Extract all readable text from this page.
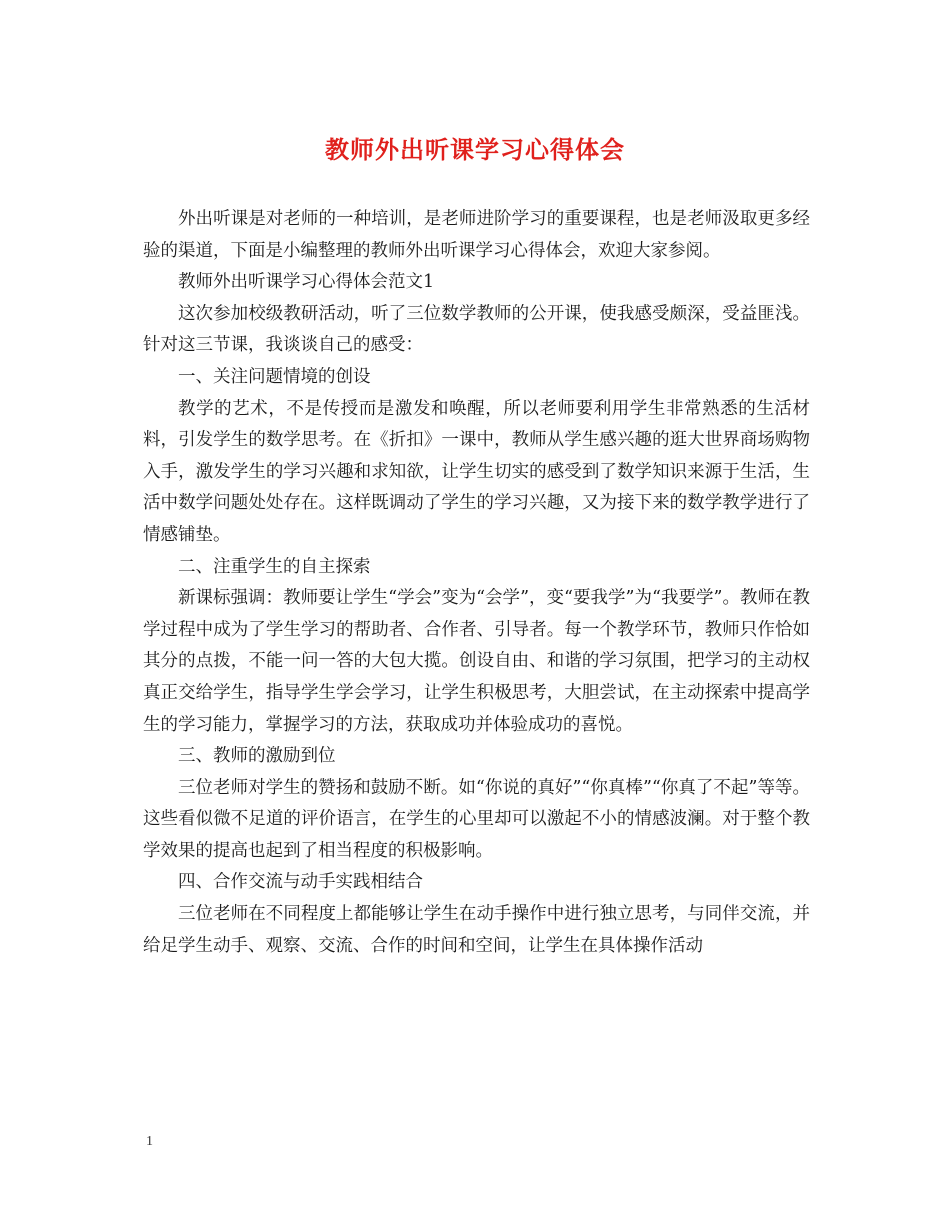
教师外出听课学习心得体会

外出听课是对老师的一种培训，是老师进阶学习的重要课程，也是老师汲取更多经验的渠道，下面是小编整理的教师外出听课学习心得体会，欢迎大家参阅。

教师外出听课学习心得体会范文1

这次参加校级教研活动，听了三位数学教师的公开课，使我感受颇深，受益匪浅。针对这三节课，我谈谈自己的感受：

一、关注问题情境的创设

教学的艺术，不是传授而是激发和唤醒，所以老师要利用学生非常熟悉的生活材料，引发学生的数学思考。在《折扣》一课中，教师从学生感兴趣的逛大世界商场购物入手，激发学生的学习兴趣和求知欲，让学生切实的感受到了数学知识来源于生活，生活中数学问题处处存在。这样既调动了学生的学习兴趣，又为接下来的数学教学进行了情感铺垫。

二、注重学生的自主探索

新课标强调：教师要让学生“学会”变为“会学”，变“要我学”为“我要学”。教师在教学过程中成为了学生学习的帮助者、合作者、引导者。每一个教学环节，教师只作恰如其分的点拨，不能一问一答的大包大揽。创设自由、和谐的学习氛围，把学习的主动权真正交给学生，指导学生学会学习，让学生积极思考，大胆尝试，在主动探索中提高学生的学习能力，掌握学习的方法，获取成功并体验成功的喜悦。

三、教师的激励到位

三位老师对学生的赞扬和鼓励不断。如“你说的真好”“你真棒”“你真了不起”等等。这些看似微不足道的评价语言，在学生的心里却可以激起不小的情感波澜。对于整个教学效果的提高也起到了相当程度的积极影响。

四、合作交流与动手实践相结合

三位老师在不同程度上都能够让学生在动手操作中进行独立思考，与同伴交流，并给足学生动手、观察、交流、合作的时间和空间，让学生在具体操作活动

1
